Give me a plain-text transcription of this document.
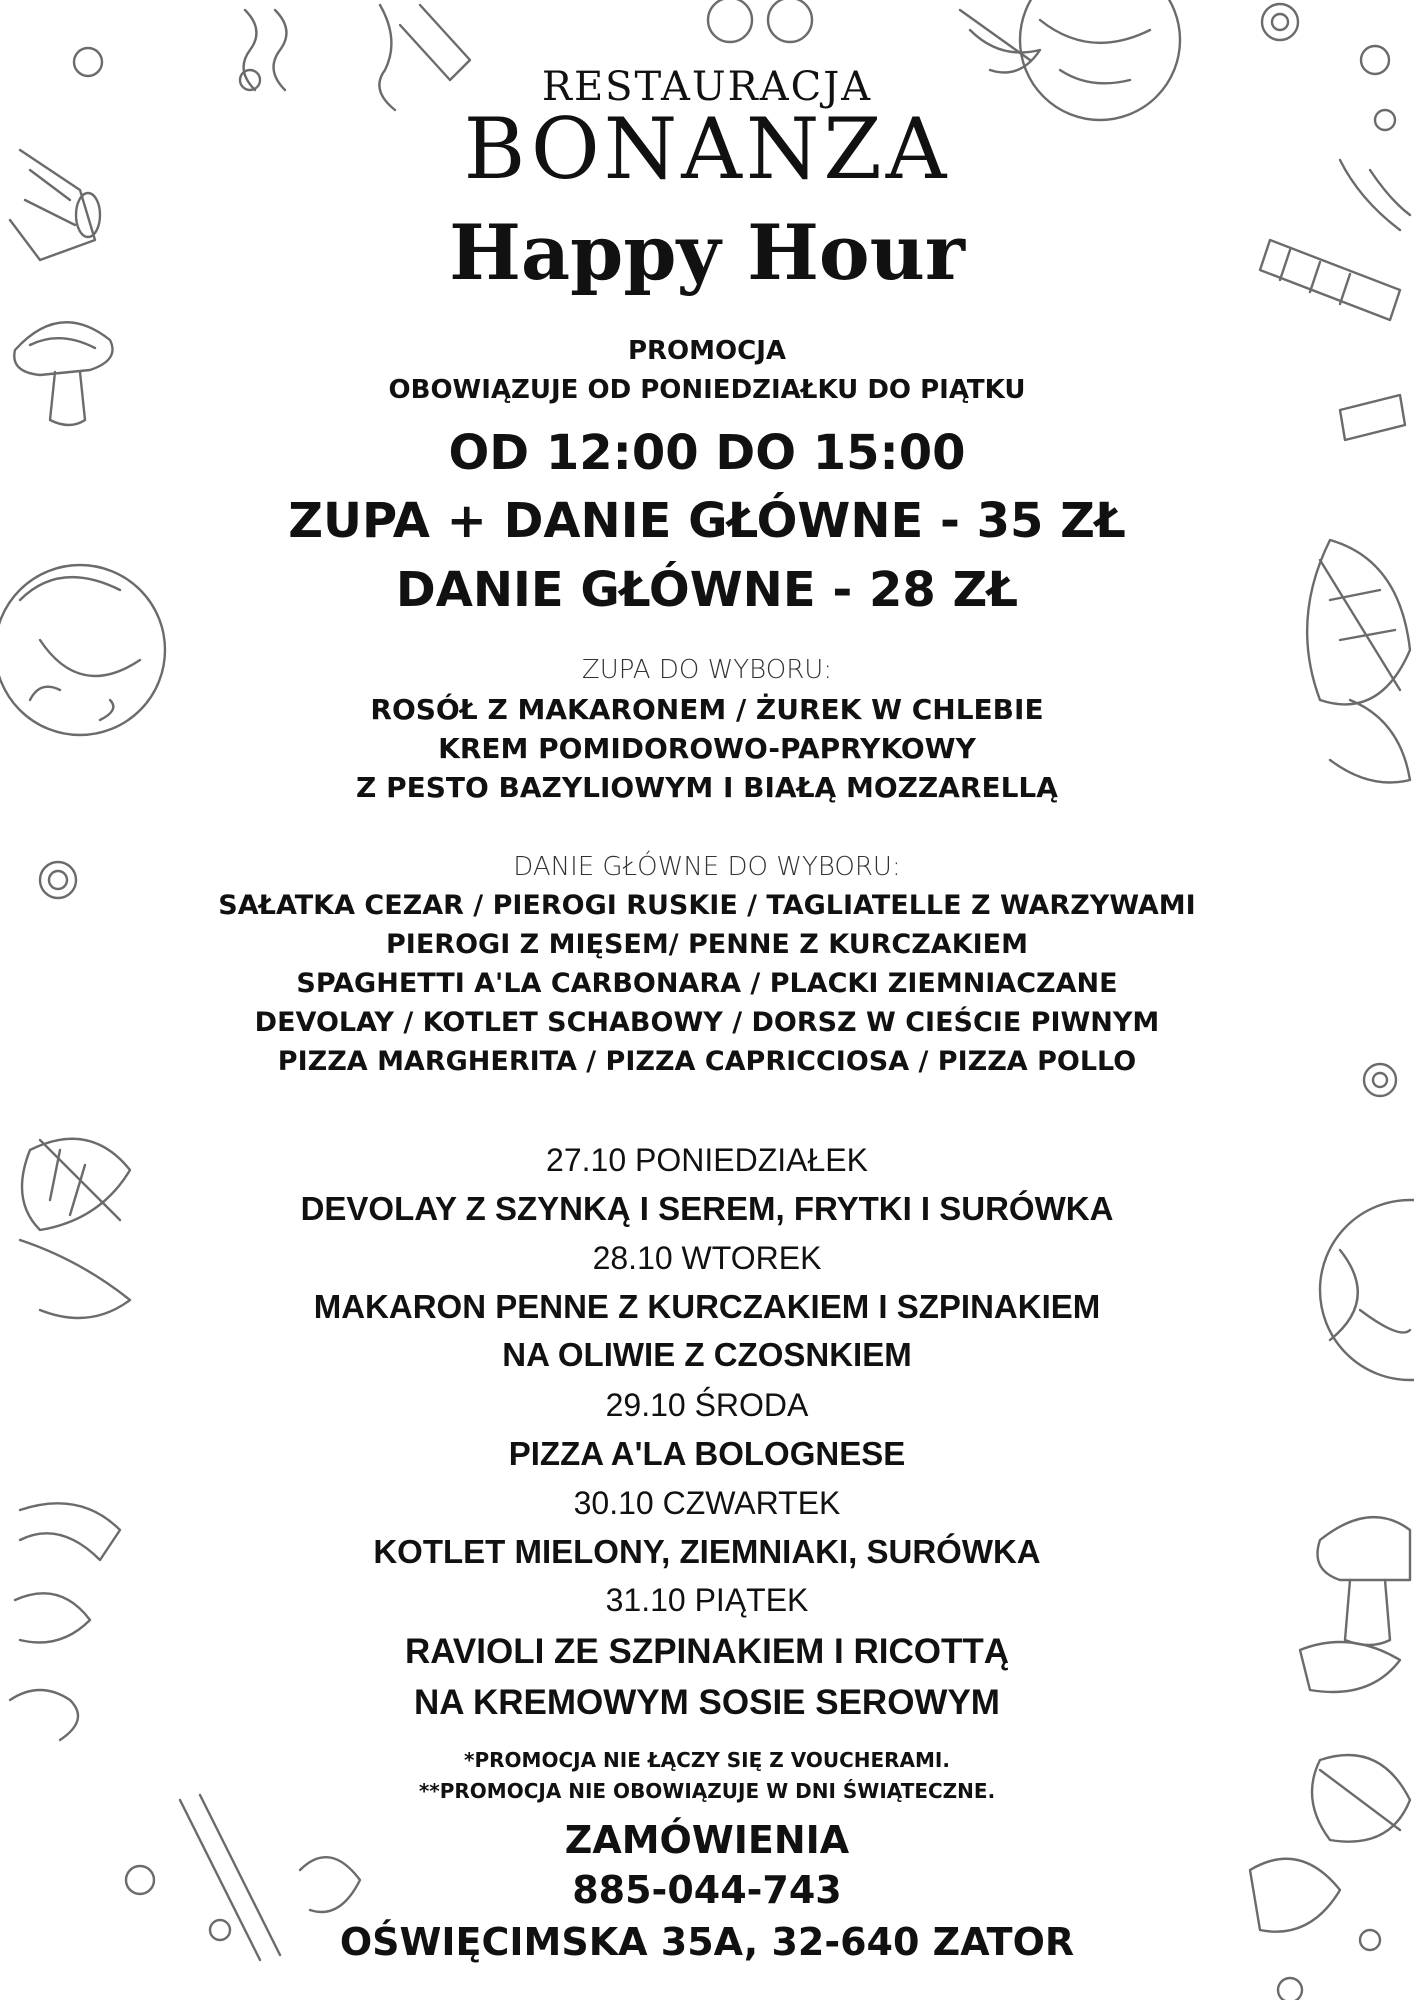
RESTAURACJA
BONANZA
Happy Hour
PROMOCJA
OBOWIĄZUJE OD PONIEDZIAŁKU DO PIĄTKU
OD 12:00 DO 15:00
ZUPA + DANIE GŁÓWNE - 35 ZŁ
DANIE GŁÓWNE - 28 ZŁ
ZUPA DO WYBORU:
ROSÓŁ Z MAKARONEM / ŻUREK W CHLEBIE
KREM POMIDOROWO-PAPRYKOWY
Z PESTO BAZYLIOWYM I BIAŁĄ MOZZARELLĄ
DANIE GŁÓWNE DO WYBORU:
SAŁATKA CEZAR / PIEROGI RUSKIE / TAGLIATELLE Z WARZYWAMI
PIEROGI Z MIĘSEM/ PENNE Z KURCZAKIEM
SPAGHETTI A'LA CARBONARA / PLACKI ZIEMNIACZANE
DEVOLAY / KOTLET SCHABOWY / DORSZ W CIEŚCIE PIWNYM
PIZZA MARGHERITA / PIZZA CAPRICCIOSA / PIZZA POLLO
27.10 PONIEDZIAŁEK
DEVOLAY Z SZYNKĄ I SEREM, FRYTKI I SURÓWKA
28.10 WTOREK
MAKARON PENNE Z KURCZAKIEM I SZPINAKIEM
NA OLIWIE Z CZOSNKIEM
29.10 ŚRODA
PIZZA A'LA BOLOGNESE
30.10 CZWARTEK
KOTLET MIELONY, ZIEMNIAKI, SURÓWKA
31.10 PIĄTEK
RAVIOLI ZE SZPINAKIEM I RICOTTĄ
NA KREMOWYM SOSIE SEROWYM
*PROMOCJA NIE ŁĄCZY SIĘ Z VOUCHERAMI.
**PROMOCJA NIE OBOWIĄZUJE W DNI ŚWIĄTECZNE.
ZAMÓWIENIA
885-044-743
OŚWIĘCIMSKA 35A, 32-640 ZATOR
